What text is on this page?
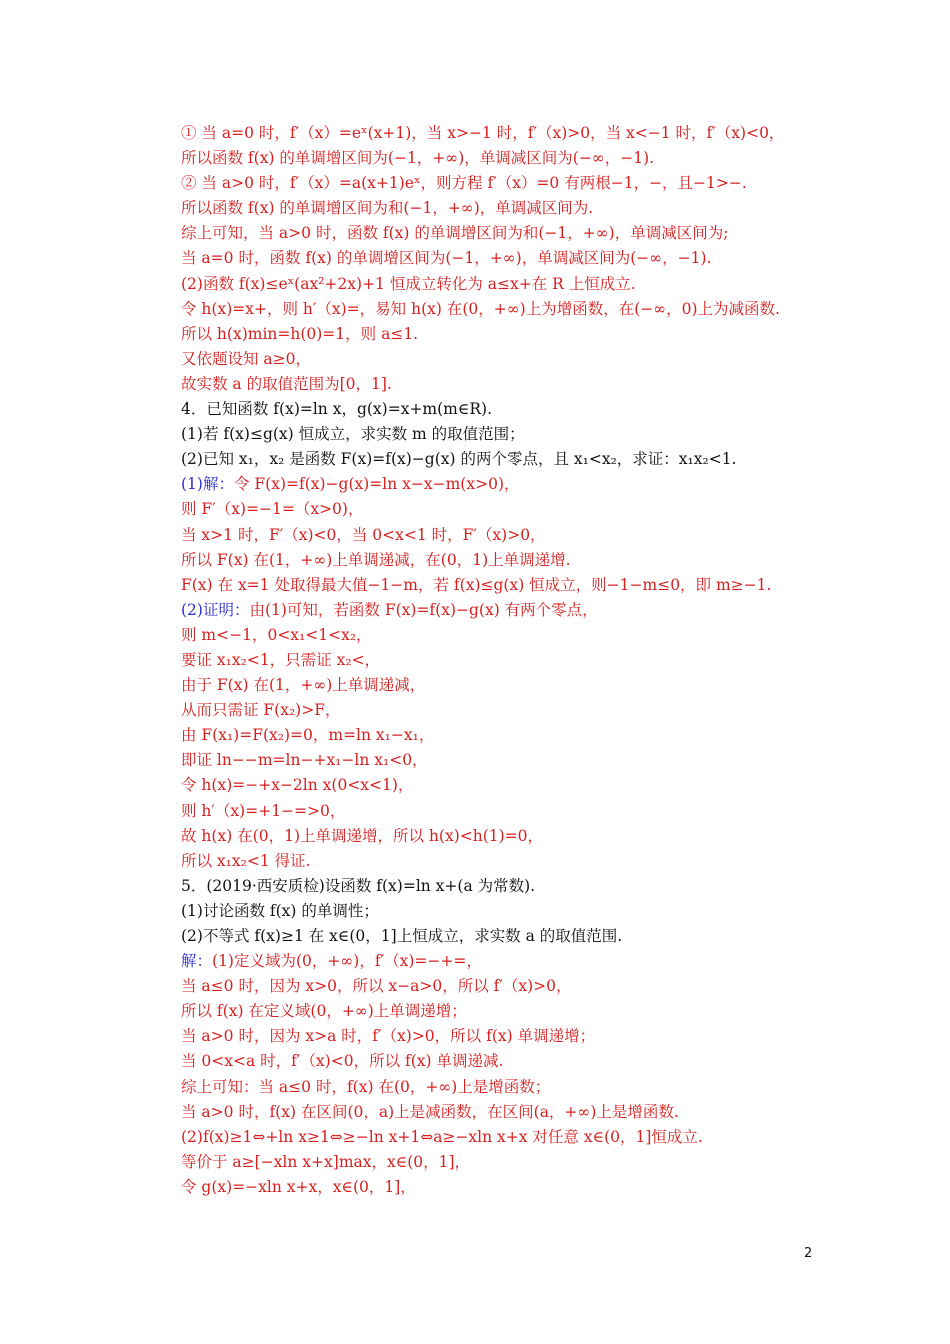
① 当 a=0 时，f′（x）=eˣ(x+1)，当 x>−1 时，f′（x)>0，当 x<−1 时，f′（x)<0，
所以函数 f(x) 的单调增区间为(−1，+∞)，单调减区间为(−∞，−1).
② 当 a>0 时，f′（x）=a(x+1)eˣ，则方程 f′（x）=0 有两根−1，−，且−1>−.
所以函数 f(x) 的单调增区间为和(−1，+∞)，单调减区间为.
综上可知，当 a>0 时，函数 f(x) 的单调增区间为和(−1，+∞)，单调减区间为;
当 a=0 时，函数 f(x) 的单调增区间为(−1，+∞)，单调减区间为(−∞，−1).
(2)函数 f(x)≤eˣ(ax²+2x)+1 恒成立转化为 a≤x+在 R 上恒成立.
令 h(x)=x+，则 h′（x)=，易知 h(x) 在(0，+∞)上为增函数，在(−∞，0)上为减函数.
所以 h(x)min=h(0)=1，则 a≤1.
又依题设知 a≥0，
故实数 a 的取值范围为[0，1].
4．已知函数 f(x)=ln x，g(x)=x+m(m∈R).
(1)若 f(x)≤g(x) 恒成立，求实数 m 的取值范围；
(2)已知 x₁，x₂ 是函数 F(x)=f(x)−g(x) 的两个零点，且 x₁<x₂，求证：x₁x₂<1.
(1)解：令 F(x)=f(x)−g(x)=ln x−x−m(x>0)，
则 F′（x)=−1=（x>0)，
当 x>1 时，F′（x)<0，当 0<x<1 时，F′（x)>0，
所以 F(x) 在(1，+∞)上单调递减，在(0，1)上单调递增.
F(x) 在 x=1 处取得最大值−1−m，若 f(x)≤g(x) 恒成立，则−1−m≤0，即 m≥−1.
(2)证明：由(1)可知，若函数 F(x)=f(x)−g(x) 有两个零点，
则 m<−1，0<x₁<1<x₂，
要证 x₁x₂<1，只需证 x₂<，
由于 F(x) 在(1，+∞)上单调递减，
从而只需证 F(x₂)>F，
由 F(x₁)=F(x₂)=0，m=ln x₁−x₁，
即证 ln−−m=ln−+x₁−ln x₁<0，
令 h(x)=−+x−2ln x(0<x<1)，
则 h′（x)=+1−=>0，
故 h(x) 在(0，1)上单调递增，所以 h(x)<h(1)=0，
所以 x₁x₂<1 得证.
5．(2019·西安质检)设函数 f(x)=ln x+(a 为常数).
(1)讨论函数 f(x) 的单调性；
(2)不等式 f(x)≥1 在 x∈(0，1]上恒成立，求实数 a 的取值范围.
解：(1)定义域为(0，+∞)，f′（x)=−+=，
当 a≤0 时，因为 x>0，所以 x−a>0，所以 f′（x)>0，
所以 f(x) 在定义域(0，+∞)上单调递增；
当 a>0 时，因为 x>a 时，f′（x)>0，所以 f(x) 单调递增；
当 0<x<a 时，f′（x)<0，所以 f(x) 单调递减.
综上可知：当 a≤0 时，f(x) 在(0，+∞)上是增函数；
当 a>0 时，f(x) 在区间(0，a)上是减函数，在区间(a，+∞)上是增函数.
(2)f(x)≥1⇔+ln x≥1⇔≥−ln x+1⇔a≥−xln x+x 对任意 x∈(0，1]恒成立.
等价于 a≥[−xln x+x]max，x∈(0，1]，
令 g(x)=−xln x+x，x∈(0，1]，
2
